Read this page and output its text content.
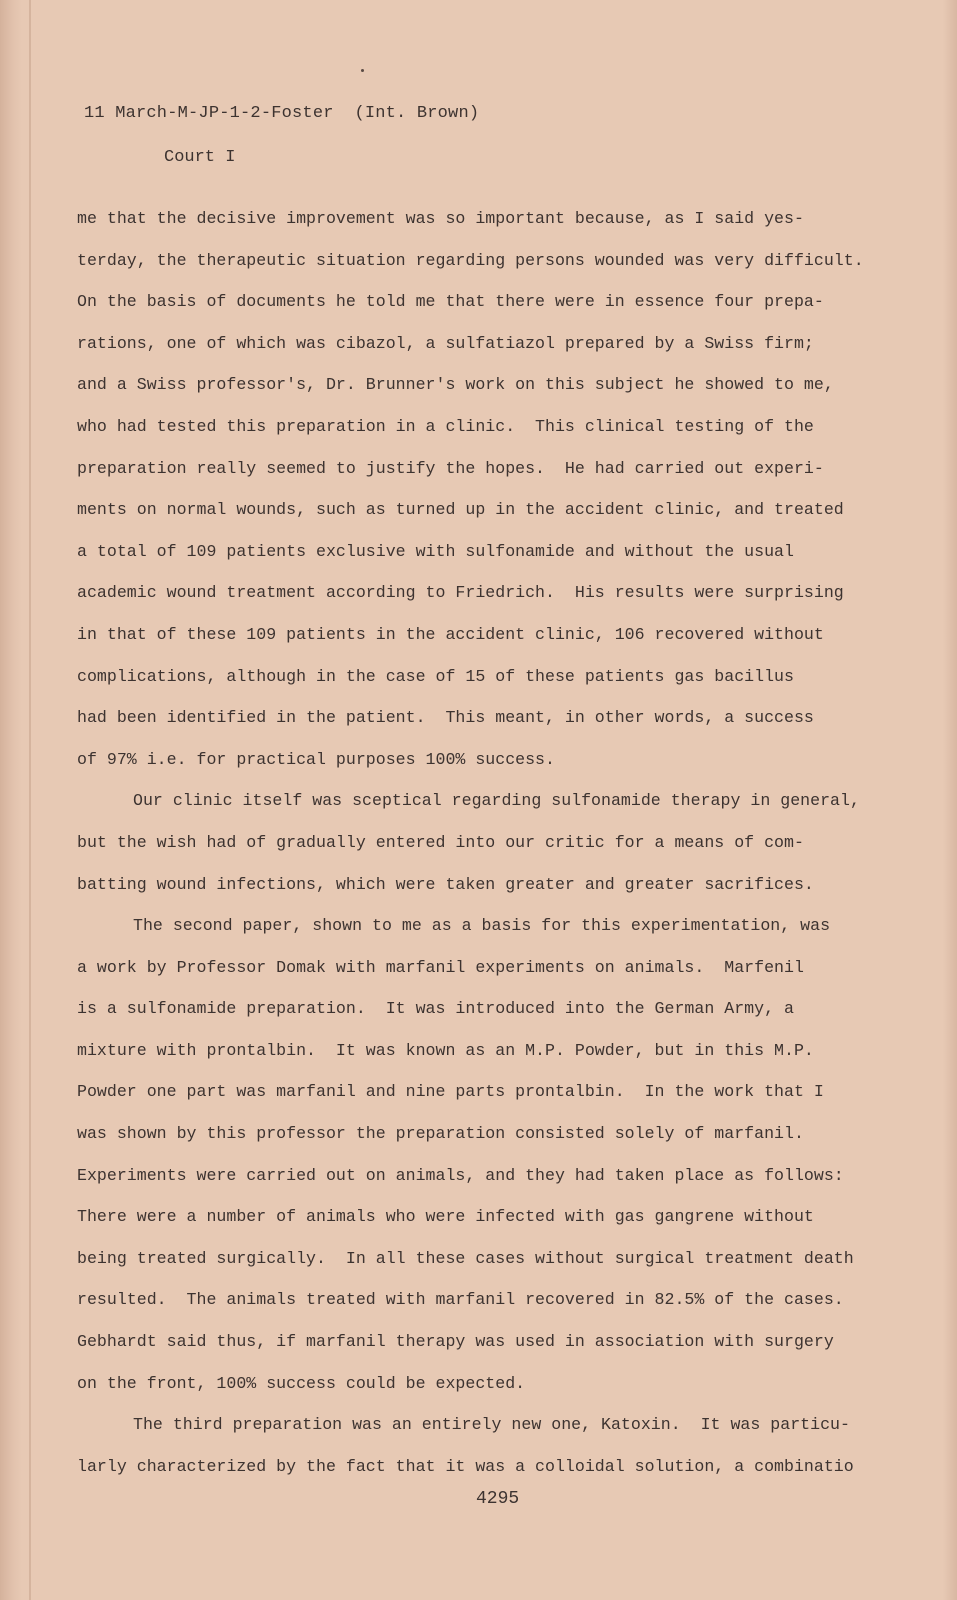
11 March-M-JP-1-2-Foster  (Int. Brown)
Court I
me that the decisive improvement was so important because, as I said yes-
terday, the therapeutic situation regarding persons wounded was very difficult.
On the basis of documents he told me that there were in essence four prepa-
rations, one of which was cibazol, a sulfatiazol prepared by a Swiss firm;
and a Swiss professor's, Dr. Brunner's work on this subject he showed to me,
who had tested this preparation in a clinic.  This clinical testing of the
preparation really seemed to justify the hopes.  He had carried out experi-
ments on normal wounds, such as turned up in the accident clinic, and treated
a total of 109 patients exclusive with sulfonamide and without the usual
academic wound treatment according to Friedrich.  His results were surprising
in that of these 109 patients in the accident clinic, 106 recovered without
complications, although in the case of 15 of these patients gas bacillus
had been identified in the patient.  This meant, in other words, a success
of 97% i.e. for practical purposes 100% success.
Our clinic itself was sceptical regarding sulfonamide therapy in general,
but the wish had of gradually entered into our critic for a means of com-
batting wound infections, which were taken greater and greater sacrifices.
The second paper, shown to me as a basis for this experimentation, was
a work by Professor Domak with marfanil experiments on animals.  Marfenil
is a sulfonamide preparation.  It was introduced into the German Army, a
mixture with prontalbin.  It was known as an M.P. Powder, but in this M.P.
Powder one part was marfanil and nine parts prontalbin.  In the work that I
was shown by this professor the preparation consisted solely of marfanil.
Experiments were carried out on animals, and they had taken place as follows:
There were a number of animals who were infected with gas gangrene without
being treated surgically.  In all these cases without surgical treatment death
resulted.  The animals treated with marfanil recovered in 82.5% of the cases.
Gebhardt said thus, if marfanil therapy was used in association with surgery
on the front, 100% success could be expected.
The third preparation was an entirely new one, Katoxin.  It was particu-
larly characterized by the fact that it was a colloidal solution, a combinatio
4295
